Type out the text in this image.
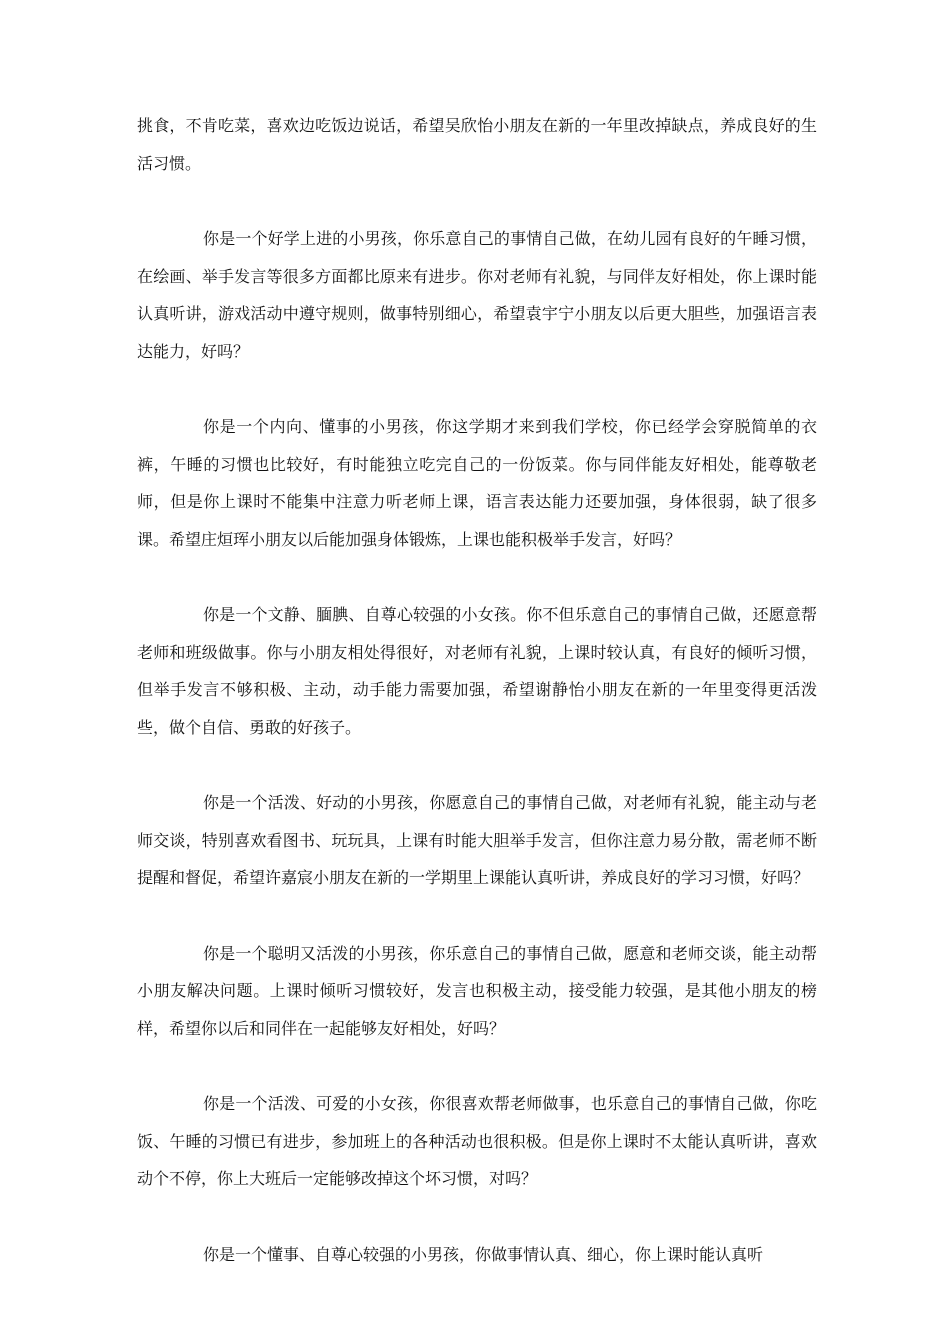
挑食，不肯吃菜，喜欢边吃饭边说话，希望吴欣怡小朋友在新的一年里改掉缺点，养成良好的生活习惯。

你是一个好学上进的小男孩，你乐意自己的事情自己做，在幼儿园有良好的午睡习惯，在绘画、举手发言等很多方面都比原来有进步。你对老师有礼貌，与同伴友好相处，你上课时能认真听讲，游戏活动中遵守规则，做事特别细心，希望袁宇宁小朋友以后更大胆些，加强语言表达能力，好吗？

你是一个内向、懂事的小男孩，你这学期才来到我们学校，你已经学会穿脱简单的衣裤，午睡的习惯也比较好，有时能独立吃完自己的一份饭菜。你与同伴能友好相处，能尊敬老师，但是你上课时不能集中注意力听老师上课，语言表达能力还要加强，身体很弱，缺了很多课。希望庄烜珲小朋友以后能加强身体锻炼，上课也能积极举手发言，好吗？

你是一个文静、腼腆、自尊心较强的小女孩。你不但乐意自己的事情自己做，还愿意帮老师和班级做事。你与小朋友相处得很好，对老师有礼貌，上课时较认真，有良好的倾听习惯，但举手发言不够积极、主动，动手能力需要加强，希望谢静怡小朋友在新的一年里变得更活泼些，做个自信、勇敢的好孩子。

你是一个活泼、好动的小男孩，你愿意自己的事情自己做，对老师有礼貌，能主动与老师交谈，特别喜欢看图书、玩玩具，上课有时能大胆举手发言，但你注意力易分散，需老师不断提醒和督促，希望许嘉宸小朋友在新的一学期里上课能认真听讲，养成良好的学习习惯，好吗？

你是一个聪明又活泼的小男孩，你乐意自己的事情自己做，愿意和老师交谈，能主动帮小朋友解决问题。上课时倾听习惯较好，发言也积极主动，接受能力较强，是其他小朋友的榜样，希望你以后和同伴在一起能够友好相处，好吗？

你是一个活泼、可爱的小女孩，你很喜欢帮老师做事，也乐意自己的事情自己做，你吃饭、午睡的习惯已有进步，参加班上的各种活动也很积极。但是你上课时不太能认真听讲，喜欢动个不停，你上大班后一定能够改掉这个坏习惯，对吗？

你是一个懂事、自尊心较强的小男孩，你做事情认真、细心，你上课时能认真听
